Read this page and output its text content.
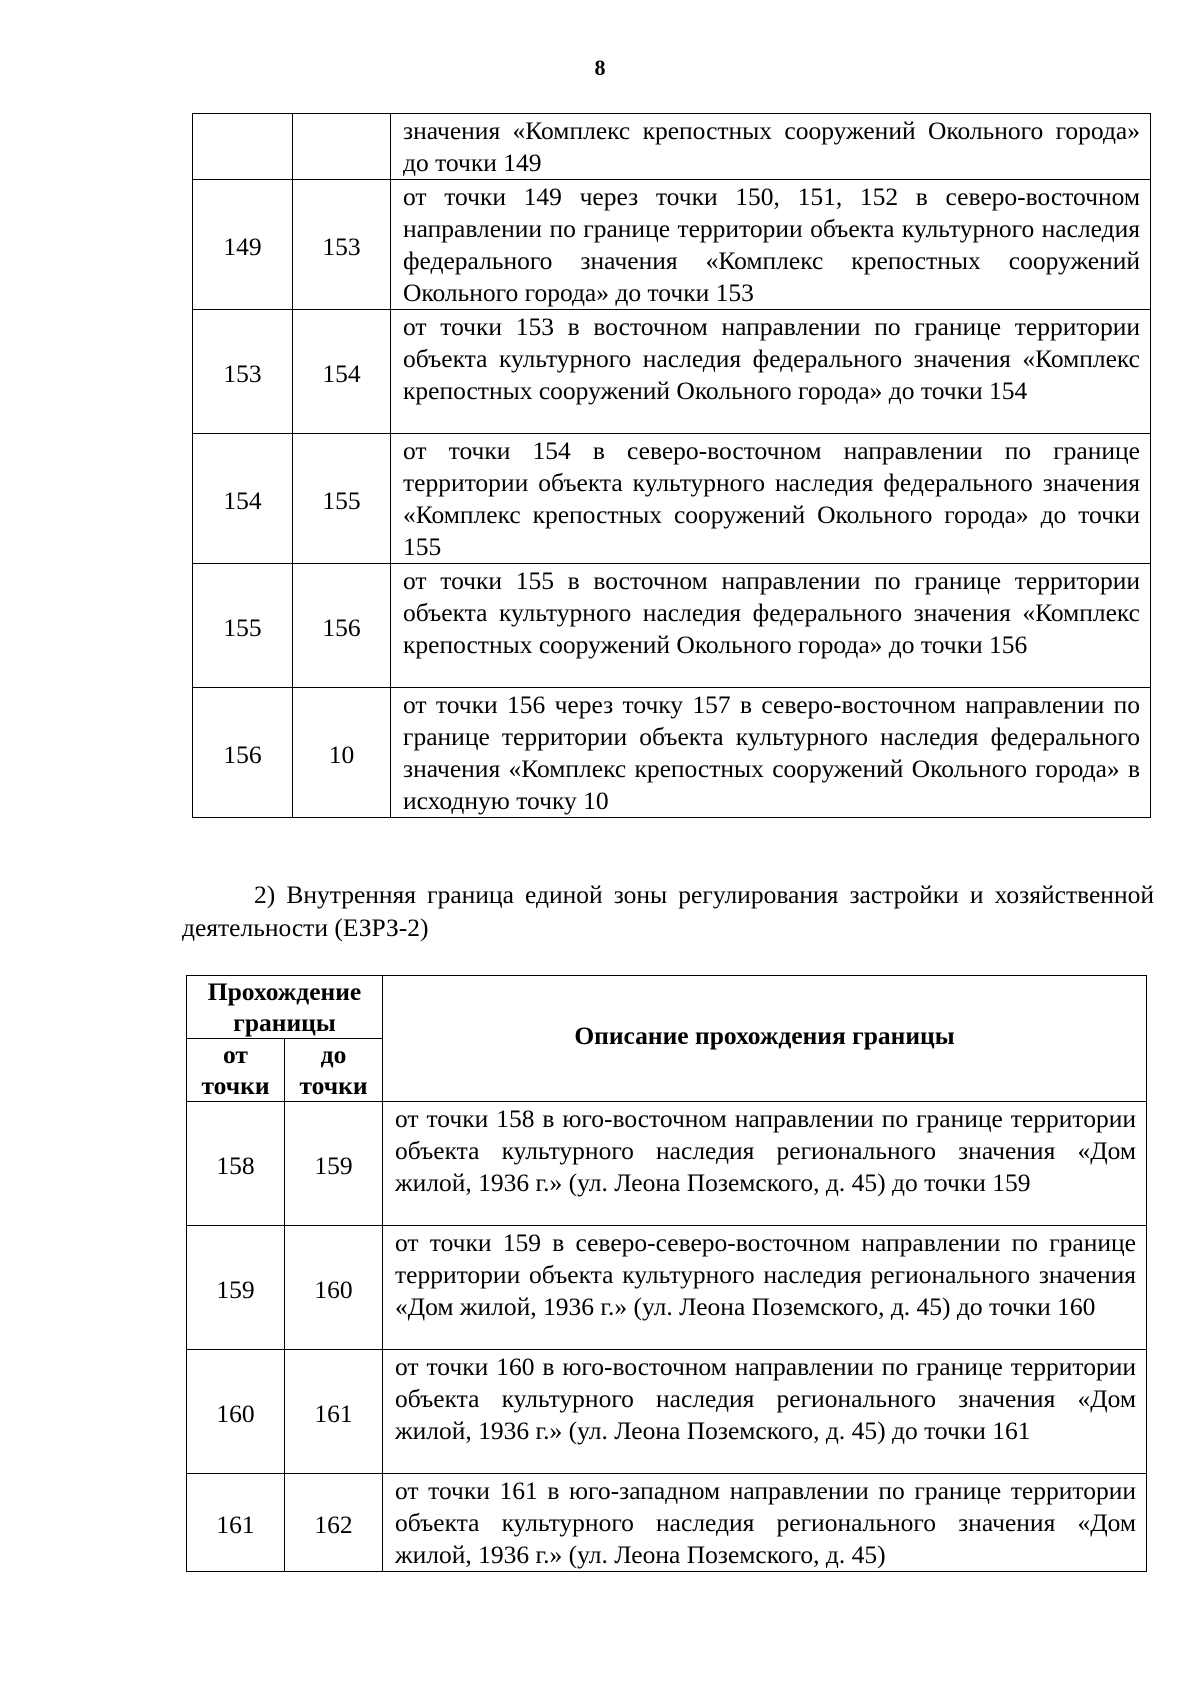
8
		значения «Комплекс крепостных сооружений Окольного города» до точки 149
149	153	от точки 149 через точки 150, 151, 152 в северо-восточном направлении по границе территории объекта культурного наследия федерального значения «Комплекс крепостных сооружений Окольного города» до точки 153
153	154	от точки 153 в восточном направлении по границе территории объекта культурного наследия федерального значения «Комплекс крепостных сооружений Окольного города» до точки 154
154	155	от точки 154 в северо-восточном направлении по границе территории объекта культурного наследия федерального значения «Комплекс крепостных сооружений Окольного города» до точки 155
155	156	от точки 155 в восточном направлении по границе территории объекта культурного наследия федерального значения «Комплекс крепостных сооружений Окольного города» до точки 156
156	10	от точки 156 через точку 157 в северо-восточном направлении по границе территории объекта культурного наследия федерального значения «Комплекс крепостных сооружений Окольного города» в исходную точку 10
2) Внутренняя граница единой зоны регулирования застройки и хозяйственной деятельности (ЕЗРЗ-2)
Прохождение границы		Описание прохождения границы
от точки	до точки	
158	159	от точки 158 в юго-восточном направлении по границе территории объекта культурного наследия регионального значения «Дом жилой, 1936 г.» (ул. Леона Поземского, д. 45) до точки 159
159	160	от точки 159 в северо-северо-восточном направлении по границе территории объекта культурного наследия регионального значения «Дом жилой, 1936 г.» (ул. Леона Поземского, д. 45) до точки 160
160	161	от точки 160 в юго-восточном направлении по границе территории объекта культурного наследия регионального значения «Дом жилой, 1936 г.» (ул. Леона Поземского, д. 45) до точки 161
161	162	от точки 161 в юго-западном направлении по границе территории объекта культурного наследия регионального значения «Дом жилой, 1936 г.» (ул. Леона Поземского, д. 45)
